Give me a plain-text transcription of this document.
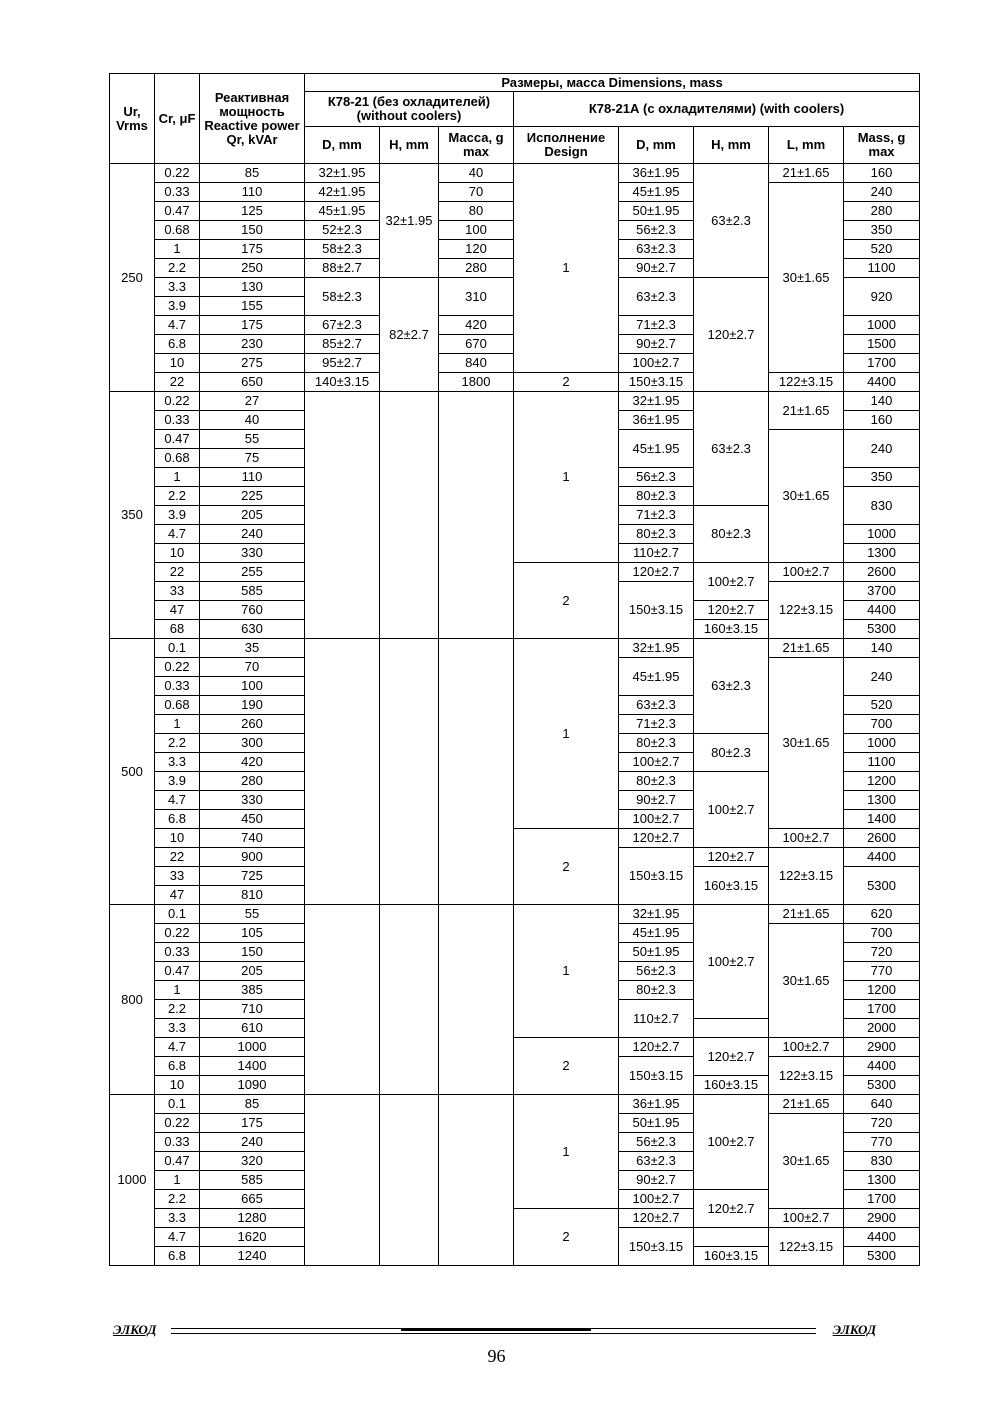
Ur, Vrms	Cr, μF	Реактивная мощность Reactive power Qr, kVAr	Размеры, масса Dimensions, mass							
			К78-21 (без охладителей) (without coolers)			К78-21А (с охладителями) (with coolers)				
			D, mm	H, mm	Масса, g max	Исполнение Design	D, mm	H, mm	L, mm	Mass, g max
250	0.22	85	32±1.95	32±1.95	40	1	36±1.95	63±2.3	21±1.65	160
	0.33	110	42±1.95		70		45±1.95		30±1.65	240
	0.47	125	45±1.95		80		50±1.95			280
	0.68	150	52±2.3		100		56±2.3			350
	1	175	58±2.3		120		63±2.3			520
	2.2	250	88±2.7		280		90±2.7			1100
	3.3	130	58±2.3	82±2.7	310		63±2.3	120±2.7		920
	3.9	155								
	4.7	175	67±2.3		420		71±2.3			1000
	6.8	230	85±2.7		670		90±2.7			1500
	10	275	95±2.7		840		100±2.7			1700
	22	650	140±3.15		1800	2	150±3.15		122±3.15	4400
350	0.22	27				1	32±1.95	63±2.3	21±1.65	140
	0.33	40					36±1.95			160
	0.47	55					45±1.95		30±1.65	240
	0.68	75								
	1	110					56±2.3			350
	2.2	225					80±2.3			830
	3.9	205					71±2.3	80±2.3		
	4.7	240					80±2.3			1000
	10	330					110±2.7			1300
	22	255				2	120±2.7	100±2.7	100±2.7	2600
	33	585					150±3.15		122±3.15	3700
	47	760						120±2.7		4400
	68	630						160±3.15		5300
500	0.1	35				1	32±1.95	63±2.3	21±1.65	140
	0.22	70					45±1.95		30±1.65	240
	0.33	100								
	0.68	190					63±2.3			520
	1	260					71±2.3			700
	2.2	300					80±2.3	80±2.3		1000
	3.3	420					100±2.7			1100
	3.9	280					80±2.3	100±2.7		1200
	4.7	330					90±2.7			1300
	6.8	450					100±2.7			1400
	10	740				2	120±2.7		100±2.7	2600
	22	900					150±3.15	120±2.7	122±3.15	4400
	33	725						160±3.15		5300
	47	810								
800	0.1	55				1	32±1.95	100±2.7	21±1.65	620
	0.22	105					45±1.95		30±1.65	700
	0.33	150					50±1.95			720
	0.47	205					56±2.3			770
	1	385					80±2.3			1200
	2.2	710					110±2.7			1700
	3.3	610								2000
	4.7	1000				2	120±2.7	120±2.7	100±2.7	2900
	6.8	1400					150±3.15		122±3.15	4400
	10	1090						160±3.15		5300
1000	0.1	85				1	36±1.95	100±2.7	21±1.65	640
	0.22	175					50±1.95		30±1.65	720
	0.33	240					56±2.3			770
	0.47	320					63±2.3			830
	1	585					90±2.7			1300
	2.2	665					100±2.7	120±2.7		1700
	3.3	1280				2	120±2.7		100±2.7	2900
	4.7	1620					150±3.15		122±3.15	4400
	6.8	1240						160±3.15		5300
ЭЛКОД	ЭЛКОД
96
